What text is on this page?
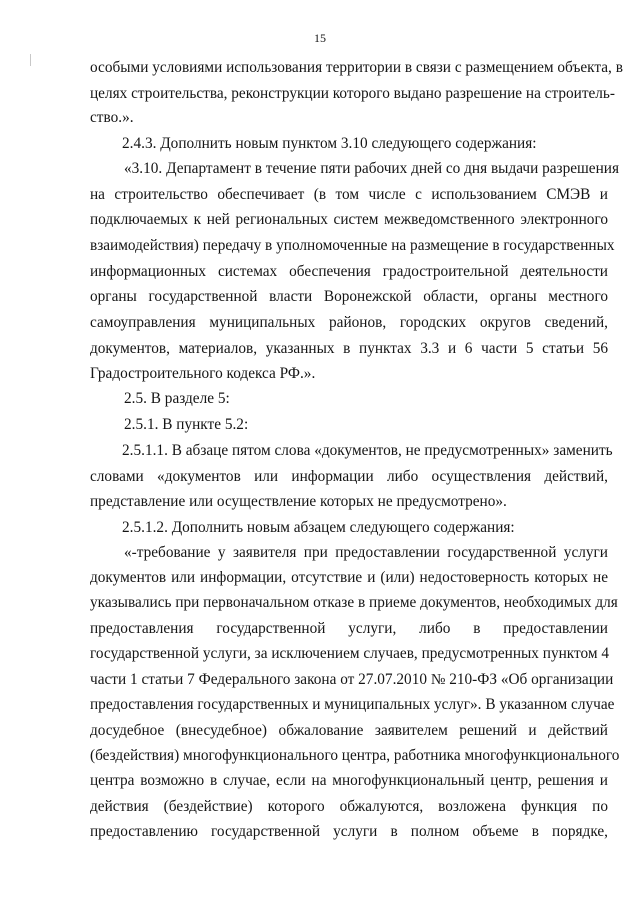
15
особыми условиями использования территории в связи с размещением объекта, в
целях строительства, реконструкции которого выдано разрешение на строитель-
ство.».
2.4.3. Дополнить новым пунктом 3.10 следующего содержания:
«3.10. Департамент в течение пяти рабочих дней со дня выдачи разрешения
на строительство обеспечивает (в том числе с использованием СМЭВ и
подключаемых к ней региональных систем межведомственного электронного
взаимодействия) передачу в уполномоченные на размещение в государственных
информационных системах обеспечения градостроительной деятельности
органы государственной власти Воронежской области, органы местного
самоуправления муниципальных районов, городских округов сведений,
документов, материалов, указанных в пунктах 3.3 и 6 части 5 статьи 56
Градостроительного кодекса РФ.».
2.5. В разделе 5:
2.5.1. В пункте 5.2:
2.5.1.1. В абзаце пятом слова «документов, не предусмотренных» заменить
словами «документов или информации либо осуществления действий,
представление или осуществление которых не предусмотрено».
2.5.1.2. Дополнить новым абзацем следующего содержания:
«-требование у заявителя при предоставлении государственной услуги
документов или информации, отсутствие и (или) недостоверность которых не
указывались при первоначальном отказе в приеме документов, необходимых для
предоставления государственной услуги, либо в предоставлении
государственной услуги, за исключением случаев, предусмотренных пунктом 4
части 1 статьи 7 Федерального закона от 27.07.2010 № 210-ФЗ «Об организации
предоставления государственных и муниципальных услуг». В указанном случае
досудебное (внесудебное) обжалование заявителем решений и действий
(бездействия) многофункционального центра, работника многофункционального
центра возможно в случае, если на многофункциональный центр, решения и
действия (бездействие) которого обжалуются, возложена функция по
предоставлению государственной услуги в полном объеме в порядке,
